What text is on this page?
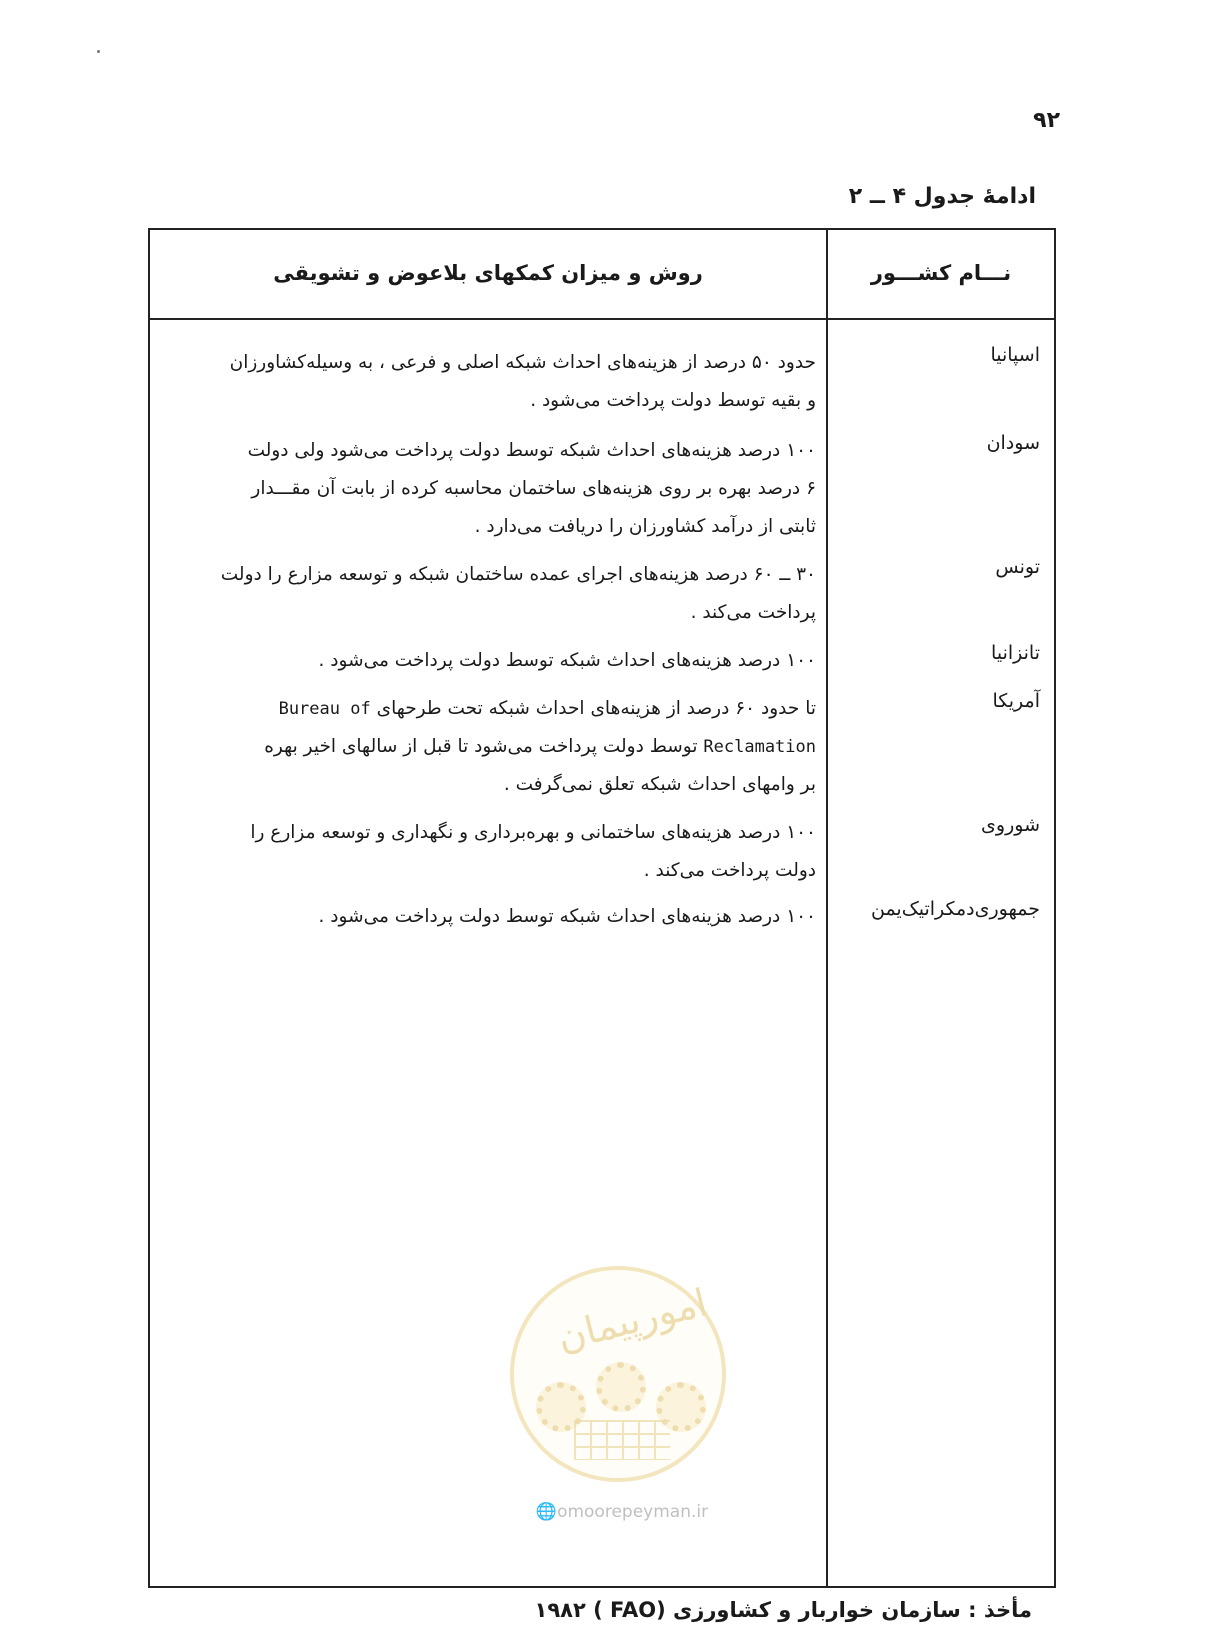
۹۲
ادامهٔ جدول ۴ ــ ۲
نـــام کشـــور
روش و میزان کمکهای بلاعوض و تشویقی
اسپانیا
حدود ۵۰ درصد از هزینه‌های احداث شبکه اصلی و فرعی ، به وسیله‌کشاورزان
و بقیه توسط دولت پرداخت می‌شود .
سودان
۱۰۰ درصد هزینه‌های احداث شبکه توسط دولت پرداخت می‌شود ولی دولت
۶ درصد بهره بر روی هزینه‌های ساختمان محاسبه کرده از بابت آن مقـــدار
ثابتی از درآمد کشاورزان را دریافت می‌دارد .
تونس
۳۰ ــ ۶۰ درصد هزینه‌های اجرای عمده ساختمان شبکه و توسعه مزارع را دولت
پرداخت می‌کند .
تانزانیا
۱۰۰ درصد هزینه‌های احداث شبکه توسط دولت پرداخت می‌شود .
آمریکا
تا حدود ۶۰ درصد از هزینه‌های احداث شبکه تحت طرحهای Bureau of
Reclamation توسط دولت پرداخت می‌شود تا قبل از سالهای اخیر بهره
بر وامهای احداث شبکه تعلق نمی‌گرفت .
شوروی
۱۰۰ درصد هزینه‌های ساختمانی و بهره‌برداری و نگهداری و توسعه مزارع را
دولت پرداخت می‌کند .
جمهوری‌دمکراتیک‌یمن
۱۰۰ درصد هزینه‌های احداث شبکه توسط دولت پرداخت می‌شود .
امورپیمان
🌐omoorepeyman.ir
مأخذ : سازمان خواربار و کشاورزی (FAO ) ۱۹۸۲
